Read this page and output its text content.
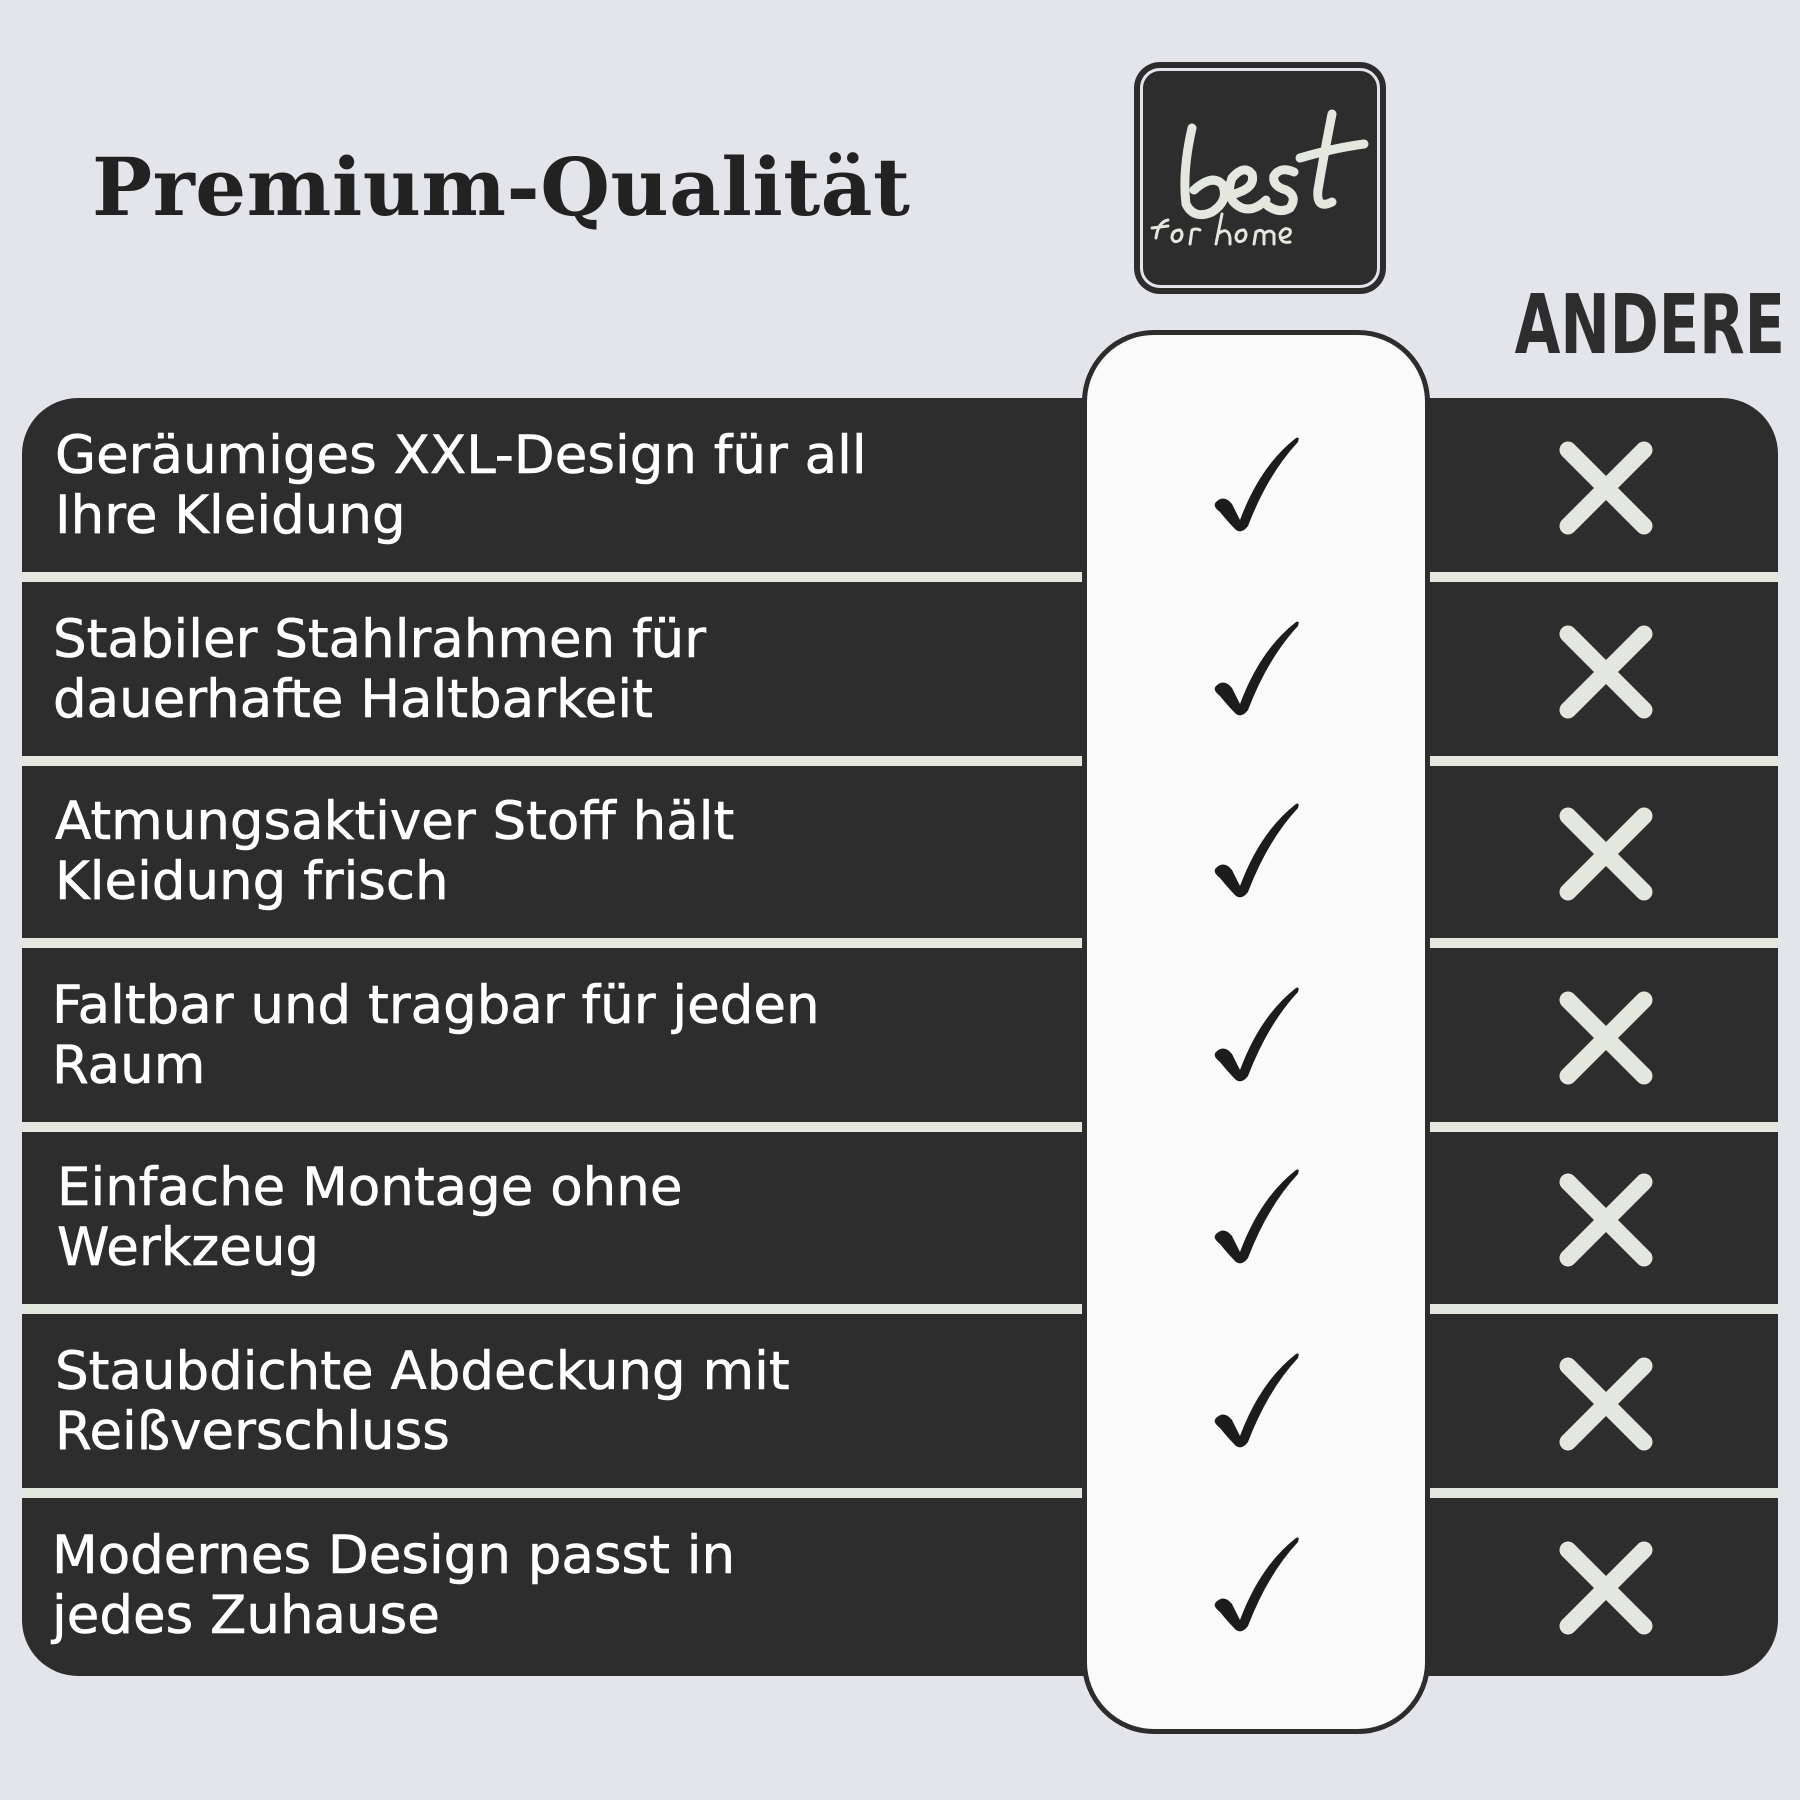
Premium-Qualität
ANDERE
Geräumiges XXL-Design für all
Ihre Kleidung
Stabiler Stahlrahmen für
dauerhafte Haltbarkeit
Atmungsaktiver Stoff hält
Kleidung frisch
Faltbar und tragbar für jeden
Raum
Einfache Montage ohne
Werkzeug
Staubdichte Abdeckung mit
Reißverschluss
Modernes Design passt in
jedes Zuhause
